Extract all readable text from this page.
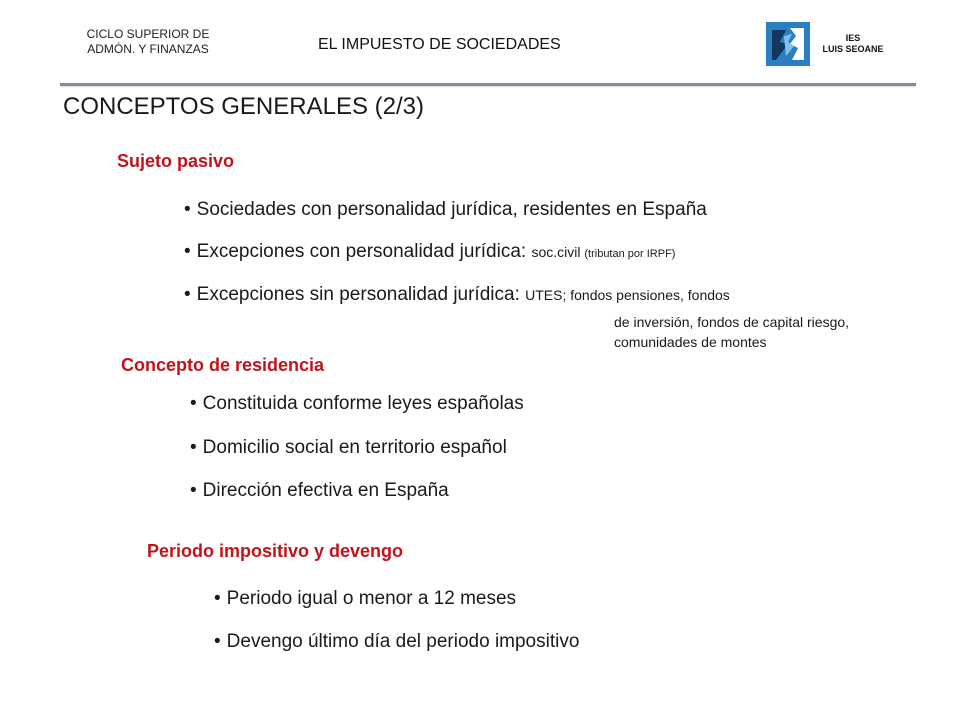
CICLO SUPERIOR DE
ADMÓN. Y FINANZAS	EL IMPUESTO DE SOCIEDADES	IES
LUIS SEOANE
CONCEPTOS GENERALES (2/3)
Sujeto pasivo
• Sociedades con personalidad jurídica, residentes en España
• Excepciones con personalidad jurídica: soc.civil (tributan por IRPF)
• Excepciones sin personalidad jurídica: UTES; fondos pensiones, fondos
de inversión, fondos de capital riesgo,
comunidades de montes
Concepto de residencia
• Constituida conforme leyes españolas
• Domicilio social en territorio español
• Dirección efectiva en España
Periodo impositivo y devengo
• Periodo igual o menor a 12 meses
• Devengo último día del periodo impositivo
